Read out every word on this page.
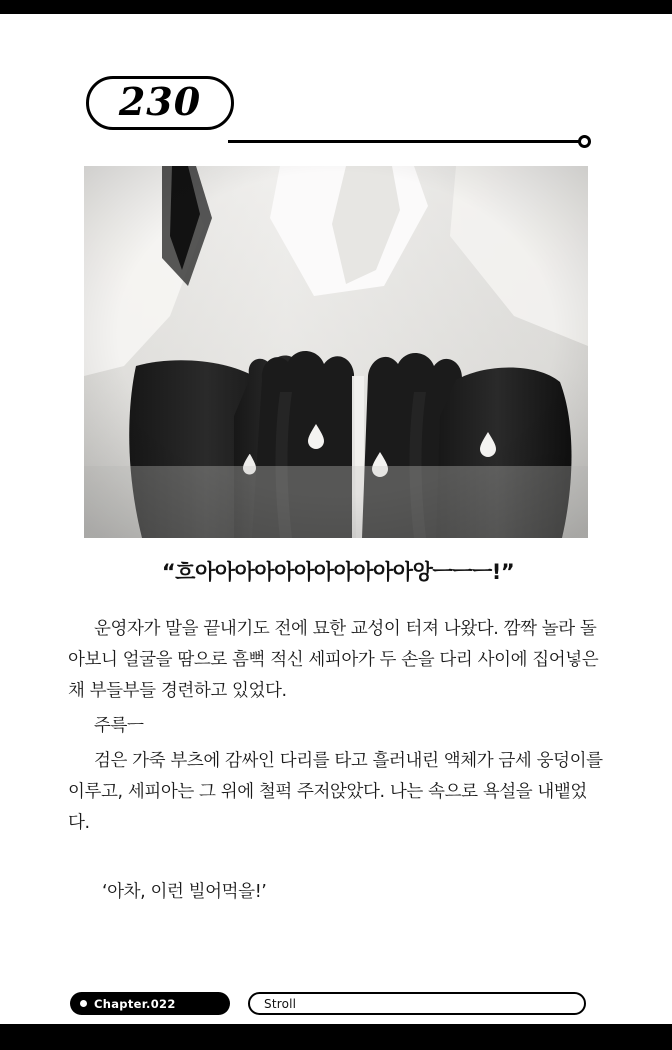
230

“흐아아아아아아아아아아아앙ㅡㅡㅡ!”

운영자가 말을 끝내기도 전에 묘한 교성이 터져 나왔다. 깜짝 놀라 돌아보니 얼굴을 땀으로 흠뻑 적신 세피아가 두 손을 다리 사이에 집어넣은 채 부들부들 경련하고 있었다.

주륵ㅡ

검은 가죽 부츠에 감싸인 다리를 타고 흘러내린 액체가 금세 웅덩이를 이루고, 세피아는 그 위에 철퍽 주저앉았다. 나는 속으로 욕설을 내뱉었다.

‘아차, 이런 빌어먹을!’

Chapter.022	Stroll
